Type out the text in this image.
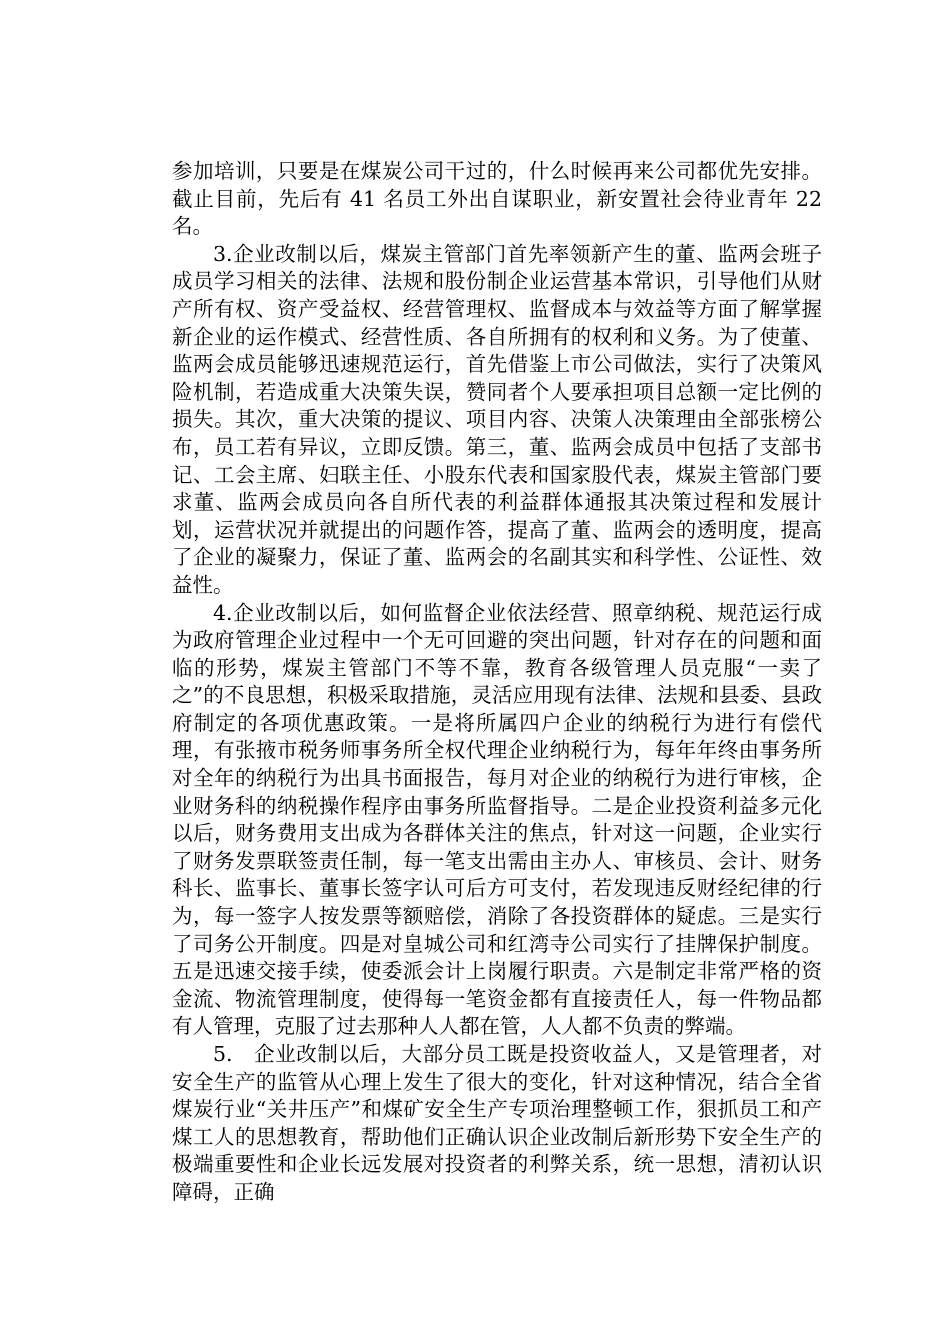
参加培训，只要是在煤炭公司干过的，什么时候再来公司都优先安排。截止目前，先后有 41 名员工外出自谋职业，新安置社会待业青年 22 名。

3.企业改制以后，煤炭主管部门首先率领新产生的董、监两会班子成员学习相关的法律、法规和股份制企业运营基本常识，引导他们从财产所有权、资产受益权、经营管理权、监督成本与效益等方面了解掌握新企业的运作模式、经营性质、各自所拥有的权利和义务。为了使董、监两会成员能够迅速规范运行，首先借鉴上市公司做法，实行了决策风险机制，若造成重大决策失误，赞同者个人要承担项目总额一定比例的损失。其次，重大决策的提议、项目内容、决策人决策理由全部张榜公布，员工若有异议，立即反馈。第三，董、监两会成员中包括了支部书记、工会主席、妇联主任、小股东代表和国家股代表，煤炭主管部门要求董、监两会成员向各自所代表的利益群体通报其决策过程和发展计划，运营状况并就提出的问题作答，提高了董、监两会的透明度，提高了企业的凝聚力，保证了董、监两会的名副其实和科学性、公证性、效益性。

4.企业改制以后，如何监督企业依法经营、照章纳税、规范运行成为政府管理企业过程中一个无可回避的突出问题，针对存在的问题和面临的形势，煤炭主管部门不等不靠，教育各级管理人员克服“一卖了之”的不良思想，积极采取措施，灵活应用现有法律、法规和县委、县政府制定的各项优惠政策。一是将所属四户企业的纳税行为进行有偿代理，有张掖市税务师事务所全权代理企业纳税行为，每年年终由事务所对全年的纳税行为出具书面报告，每月对企业的纳税行为进行审核，企业财务科的纳税操作程序由事务所监督指导。二是企业投资利益多元化以后，财务费用支出成为各群体关注的焦点，针对这一问题，企业实行了财务发票联签责任制，每一笔支出需由主办人、审核员、会计、财务科长、监事长、董事长签字认可后方可支付，若发现违反财经纪律的行为，每一签字人按发票等额赔偿，消除了各投资群体的疑虑。三是实行了司务公开制度。四是对皇城公司和红湾寺公司实行了挂牌保护制度。五是迅速交接手续，使委派会计上岗履行职责。六是制定非常严格的资金流、物流管理制度，使得每一笔资金都有直接责任人，每一件物品都有人管理，克服了过去那种人人都在管，人人都不负责的弊端。

5.　企业改制以后，大部分员工既是投资收益人，又是管理者，对安全生产的监管从心理上发生了很大的变化，针对这种情况，结合全省煤炭行业“关井压产”和煤矿安全生产专项治理整顿工作，狠抓员工和产煤工人的思想教育，帮助他们正确认识企业改制后新形势下安全生产的极端重要性和企业长远发展对投资者的利弊关系，统一思想，清初认识障碍，正确
